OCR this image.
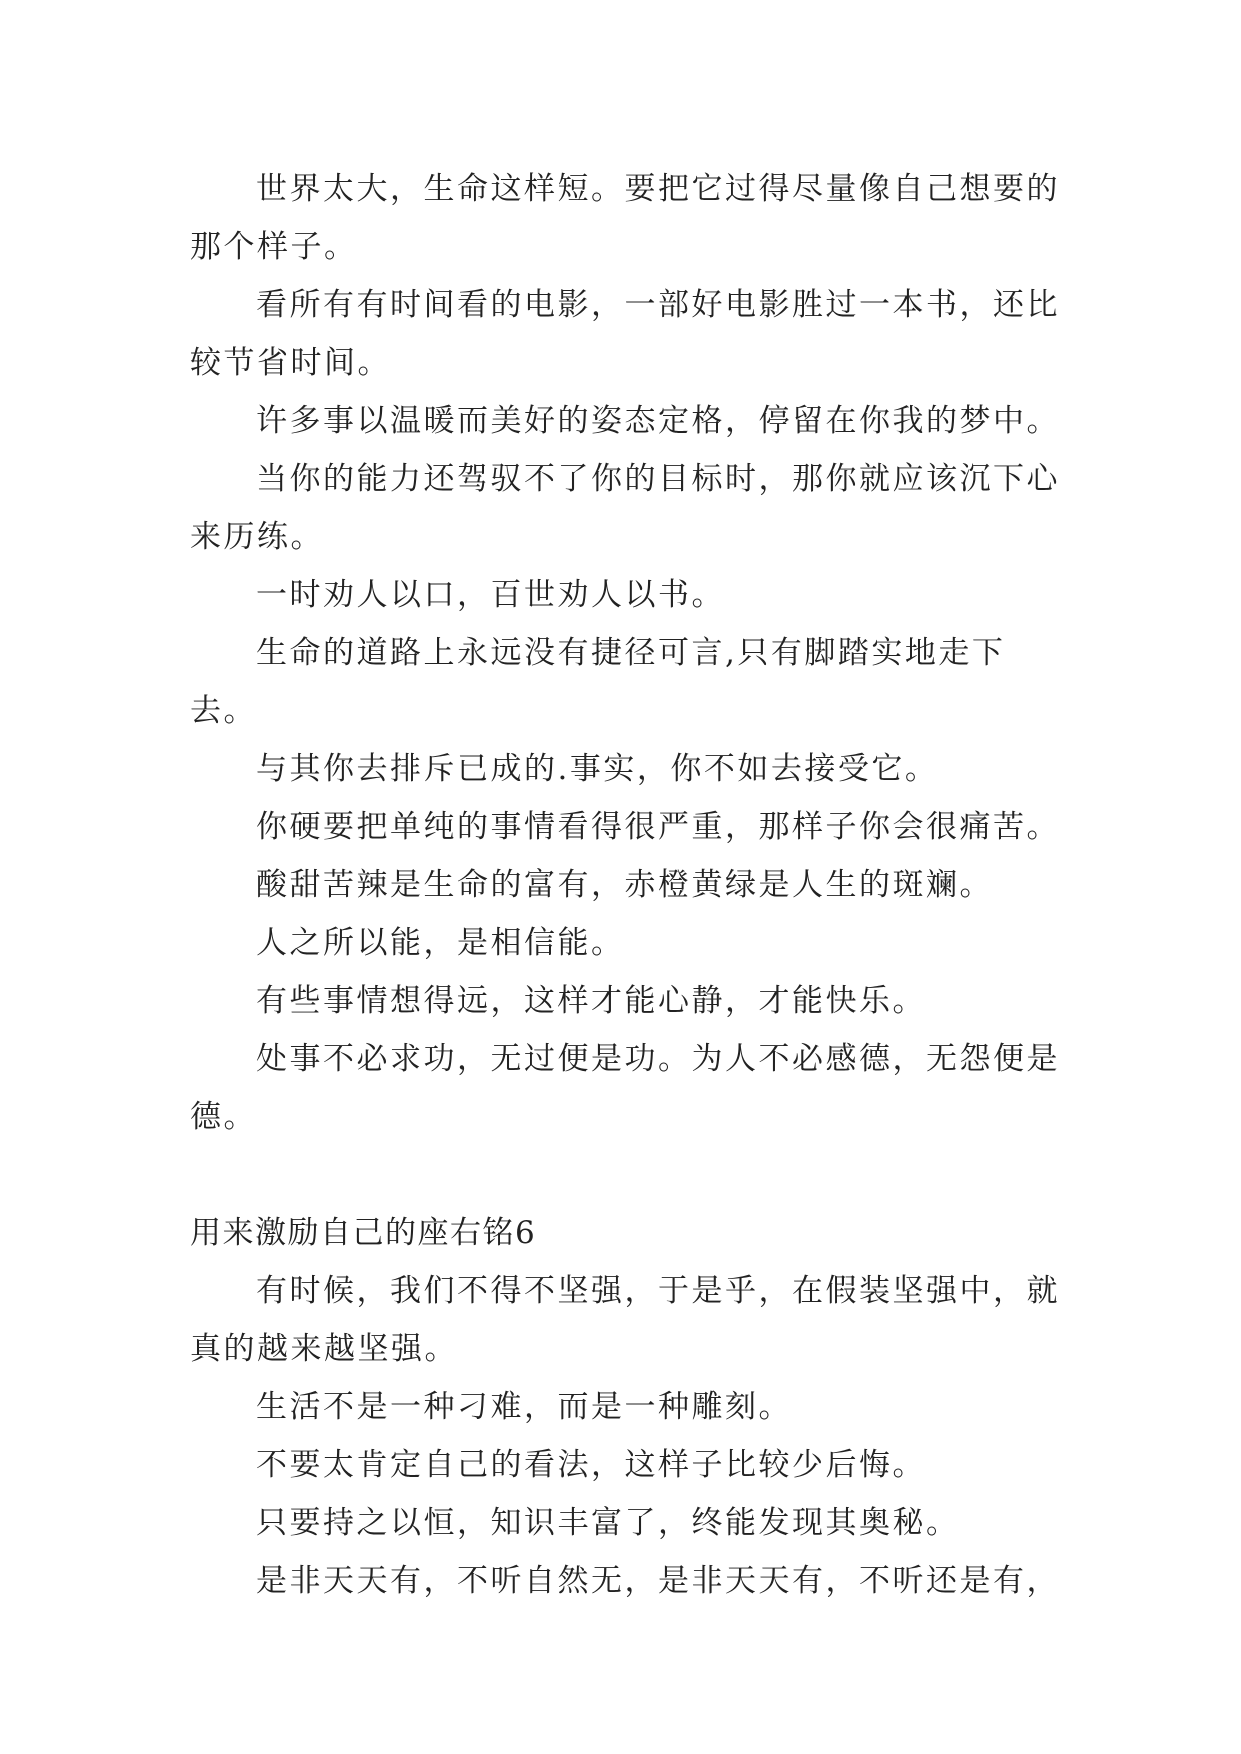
世界太大，生命这样短。要把它过得尽量像自己想要的那个样子。

看所有有时间看的电影，一部好电影胜过一本书，还比较节省时间。

许多事以温暖而美好的姿态定格，停留在你我的梦中。

当你的能力还驾驭不了你的目标时，那你就应该沉下心来历练。

一时劝人以口，百世劝人以书。

生命的道路上永远没有捷径可言,只有脚踏实地走下去。

与其你去排斥已成的.事实，你不如去接受它。

你硬要把单纯的事情看得很严重，那样子你会很痛苦。

酸甜苦辣是生命的富有，赤橙黄绿是人生的斑斓。

人之所以能，是相信能。

有些事情想得远，这样才能心静，才能快乐。

处事不必求功，无过便是功。为人不必感德，无怨便是德。

用来激励自己的座右铭6

有时候，我们不得不坚强，于是乎，在假装坚强中，就真的越来越坚强。

生活不是一种刁难，而是一种雕刻。

不要太肯定自己的看法，这样子比较少后悔。

只要持之以恒，知识丰富了，终能发现其奥秘。

是非天天有，不听自然无，是非天天有，不听还是有，
